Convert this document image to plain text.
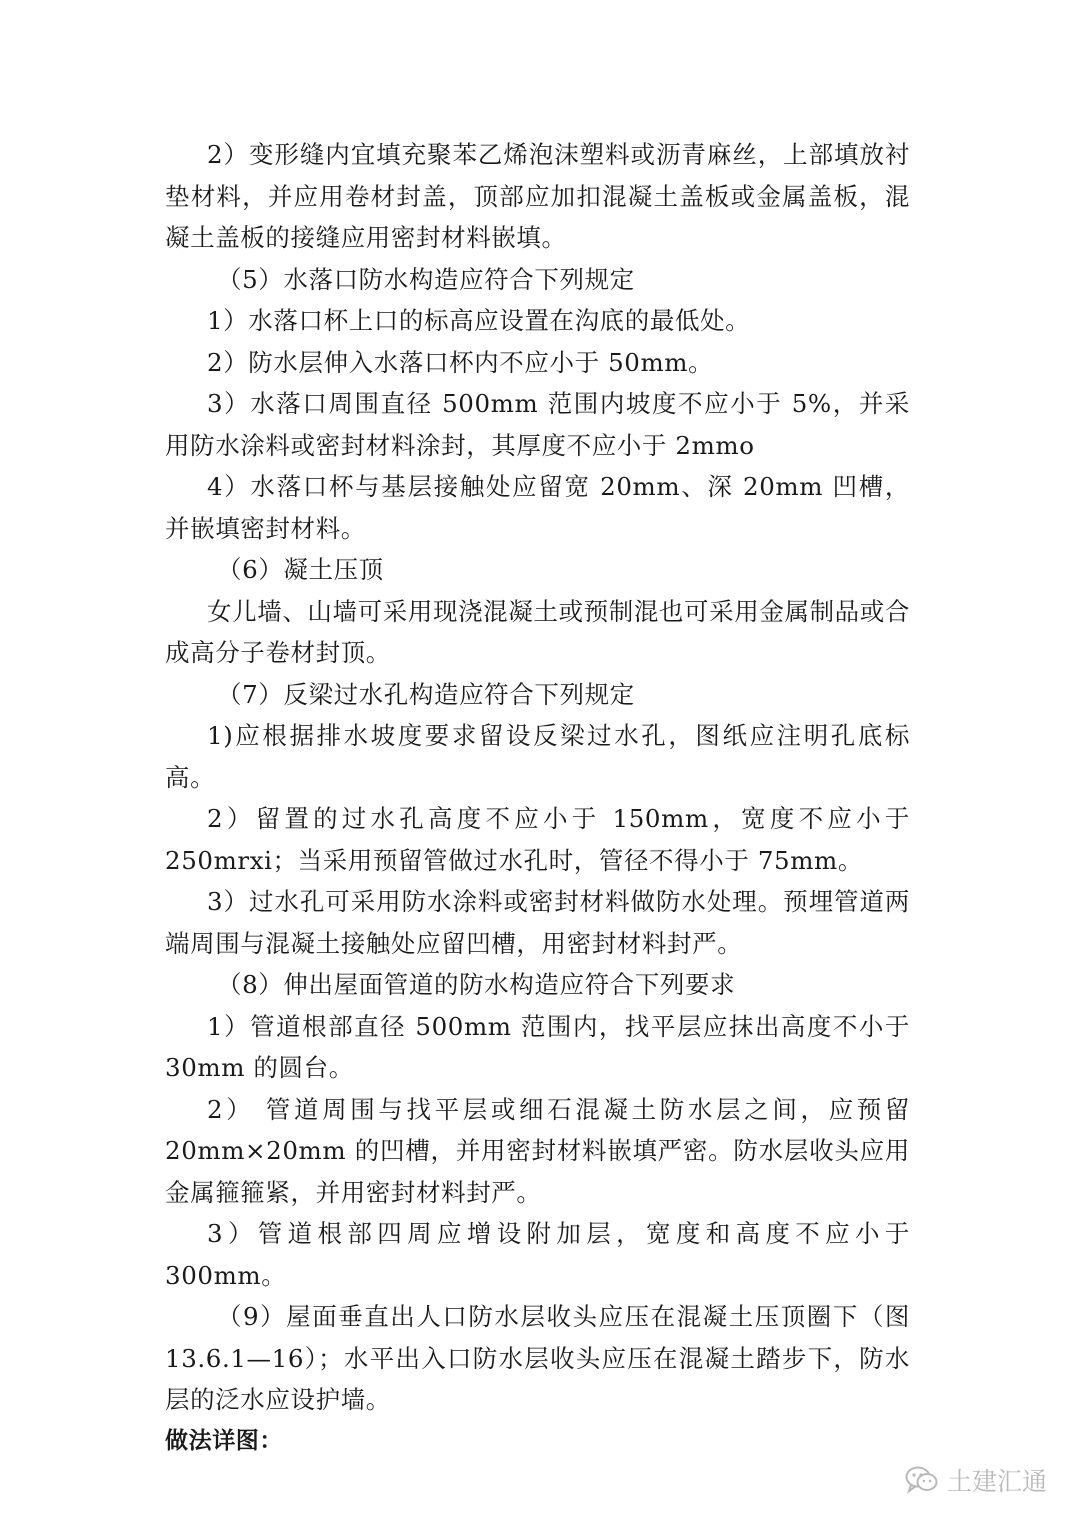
2）变形缝内宜填充聚苯乙烯泡沫塑料或沥青麻丝，上部填放衬垫材料，并应用卷材封盖，顶部应加扣混凝土盖板或金属盖板，混凝土盖板的接缝应用密封材料嵌填。

（5）水落口防水构造应符合下列规定

1）水落口杯上口的标高应设置在沟底的最低处。

2）防水层伸入水落口杯内不应小于 50mm。

3）水落口周围直径 500mm 范围内坡度不应小于 5%，并采用防水涂料或密封材料涂封，其厚度不应小于 2mmo

4）水落口杯与基层接触处应留宽 20mm、深 20mm 凹槽，并嵌填密封材料。

（6）凝土压顶

女儿墙、山墙可采用现浇混凝土或预制混也可采用金属制品或合成高分子卷材封顶。

（7）反梁过水孔构造应符合下列规定

1)应根据排水坡度要求留设反梁过水孔，图纸应注明孔底标高。

2）留置的过水孔高度不应小于 150mm，宽度不应小于 250mrxi；当采用预留管做过水孔时，管径不得小于 75mm。

3）过水孔可采用防水涂料或密封材料做防水处理。预埋管道两端周围与混凝土接触处应留凹槽，用密封材料封严。

（8）伸出屋面管道的防水构造应符合下列要求

1）管道根部直径 500mm 范围内，找平层应抹出高度不小于 30mm 的圆台。

2） 管道周围与找平层或细石混凝土防水层之间，应预留 20mm×20mm 的凹槽，并用密封材料嵌填严密。防水层收头应用金属箍箍紧，并用密封材料封严。

3）管道根部四周应增设附加层，宽度和高度不应小于 300mm。

（9）屋面垂直出人口防水层收头应压在混凝土压顶圈下（图 13.6.1—16）；水平出入口防水层收头应压在混凝土踏步下，防水层的泛水应设护墙。

做法详图：

土建汇通
